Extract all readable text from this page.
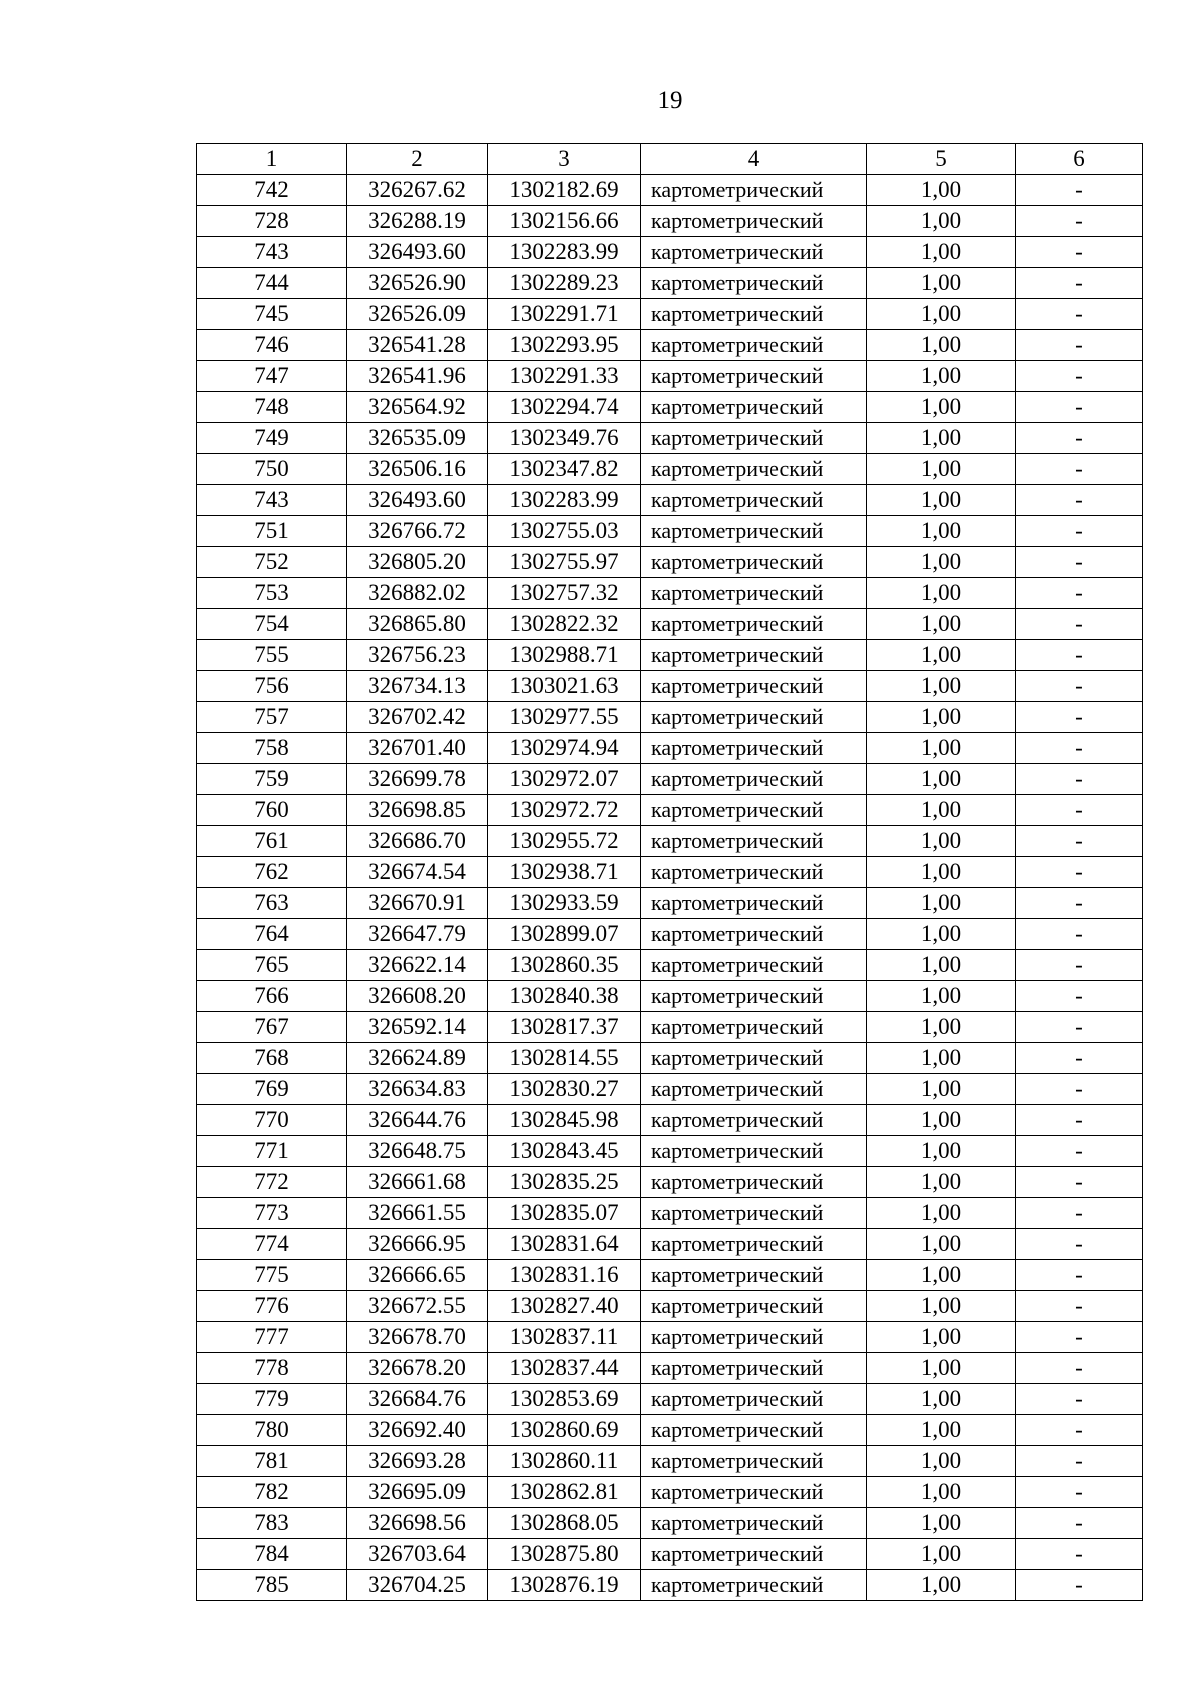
19
1	2	3	4	5	6
742	326267.62	1302182.69	картометрический	1,00	-
728	326288.19	1302156.66	картометрический	1,00	-
743	326493.60	1302283.99	картометрический	1,00	-
744	326526.90	1302289.23	картометрический	1,00	-
745	326526.09	1302291.71	картометрический	1,00	-
746	326541.28	1302293.95	картометрический	1,00	-
747	326541.96	1302291.33	картометрический	1,00	-
748	326564.92	1302294.74	картометрический	1,00	-
749	326535.09	1302349.76	картометрический	1,00	-
750	326506.16	1302347.82	картометрический	1,00	-
743	326493.60	1302283.99	картометрический	1,00	-
751	326766.72	1302755.03	картометрический	1,00	-
752	326805.20	1302755.97	картометрический	1,00	-
753	326882.02	1302757.32	картометрический	1,00	-
754	326865.80	1302822.32	картометрический	1,00	-
755	326756.23	1302988.71	картометрический	1,00	-
756	326734.13	1303021.63	картометрический	1,00	-
757	326702.42	1302977.55	картометрический	1,00	-
758	326701.40	1302974.94	картометрический	1,00	-
759	326699.78	1302972.07	картометрический	1,00	-
760	326698.85	1302972.72	картометрический	1,00	-
761	326686.70	1302955.72	картометрический	1,00	-
762	326674.54	1302938.71	картометрический	1,00	-
763	326670.91	1302933.59	картометрический	1,00	-
764	326647.79	1302899.07	картометрический	1,00	-
765	326622.14	1302860.35	картометрический	1,00	-
766	326608.20	1302840.38	картометрический	1,00	-
767	326592.14	1302817.37	картометрический	1,00	-
768	326624.89	1302814.55	картометрический	1,00	-
769	326634.83	1302830.27	картометрический	1,00	-
770	326644.76	1302845.98	картометрический	1,00	-
771	326648.75	1302843.45	картометрический	1,00	-
772	326661.68	1302835.25	картометрический	1,00	-
773	326661.55	1302835.07	картометрический	1,00	-
774	326666.95	1302831.64	картометрический	1,00	-
775	326666.65	1302831.16	картометрический	1,00	-
776	326672.55	1302827.40	картометрический	1,00	-
777	326678.70	1302837.11	картометрический	1,00	-
778	326678.20	1302837.44	картометрический	1,00	-
779	326684.76	1302853.69	картометрический	1,00	-
780	326692.40	1302860.69	картометрический	1,00	-
781	326693.28	1302860.11	картометрический	1,00	-
782	326695.09	1302862.81	картометрический	1,00	-
783	326698.56	1302868.05	картометрический	1,00	-
784	326703.64	1302875.80	картометрический	1,00	-
785	326704.25	1302876.19	картометрический	1,00	-
